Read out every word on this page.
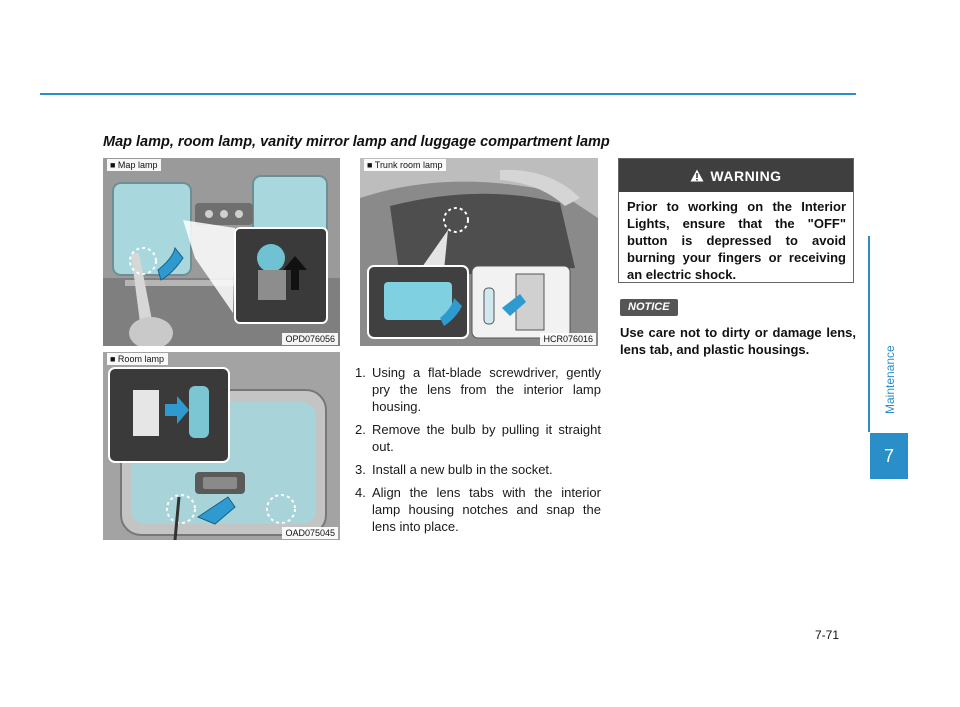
Map lamp, room lamp, vanity mirror lamp and luggage compartment lamp
■ Map lamp
OPD076056
■ Room lamp
OAD075045
■ Trunk room lamp
HCR076016
1. Using a flat-blade screwdriver, gently pry the lens from the interior lamp housing.
2. Remove the bulb by pulling it straight out.
3. Install a new bulb in the socket.
4. Align the lens tabs with the interior lamp housing notches and snap the lens into place.
WARNING
Prior to working on the Interior Lights, ensure that the "OFF" button is depressed to avoid burning your fingers or receiving an electric shock.
NOTICE
Use care not to dirty or damage lens, lens tab, and plastic housings.	Maintenance
7
7-71
